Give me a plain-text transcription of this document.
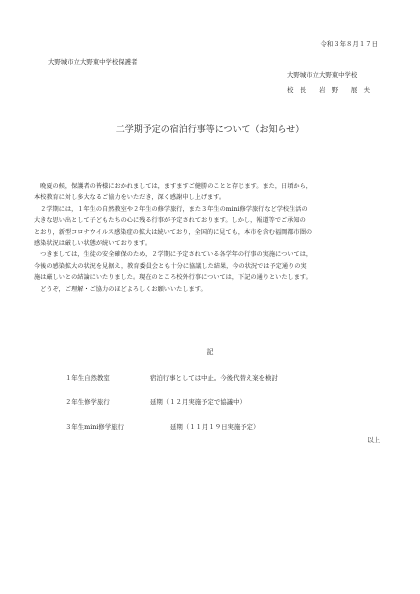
令和３年８月１７日
大野城市立大野東中学校保護者
大野城市立大野東中学校
校　長　　岩　野　　展　夫
二学期予定の宿泊行事等について（お知らせ）
　晩夏の候，保護者の皆様におかれましては，ますますご健勝のことと存じます。また，日頃から，
本校教育に対し多大なるご協力をいただき，深く感謝申し上げます。
　２学期には，１年生の自然教室や２年生の修学旅行，また３年生のmini修学旅行など学校生活の
大きな思い出として子どもたちの心に残る行事が予定されております。しかし，報道等でご承知の
とおり，新型コロナウイルス感染症の拡大は続いており，全国的に見ても，本市を含む福岡都市圏の
感染状況は厳しい状態が続いております。
　つきましては，生徒の安全確保のため，２学期に予定されている各学年の行事の実施については，
今後の感染拡大の状況を見据え，教育委員会とも十分に協議した結果，今の状況では予定通りの実
施は厳しいとの結論にいたりました。現在のところ校外行事については，下記の通りといたします。
　どうぞ，ご理解・ご協力のほどよろしくお願いいたします。
記
１年生自然教室	宿泊行事としては中止。今後代替え案を検討
２年生修学旅行	延期（１２月実施予定で協議中）
３年生mini修学旅行	延期（１１月１９日実施予定）
以上
